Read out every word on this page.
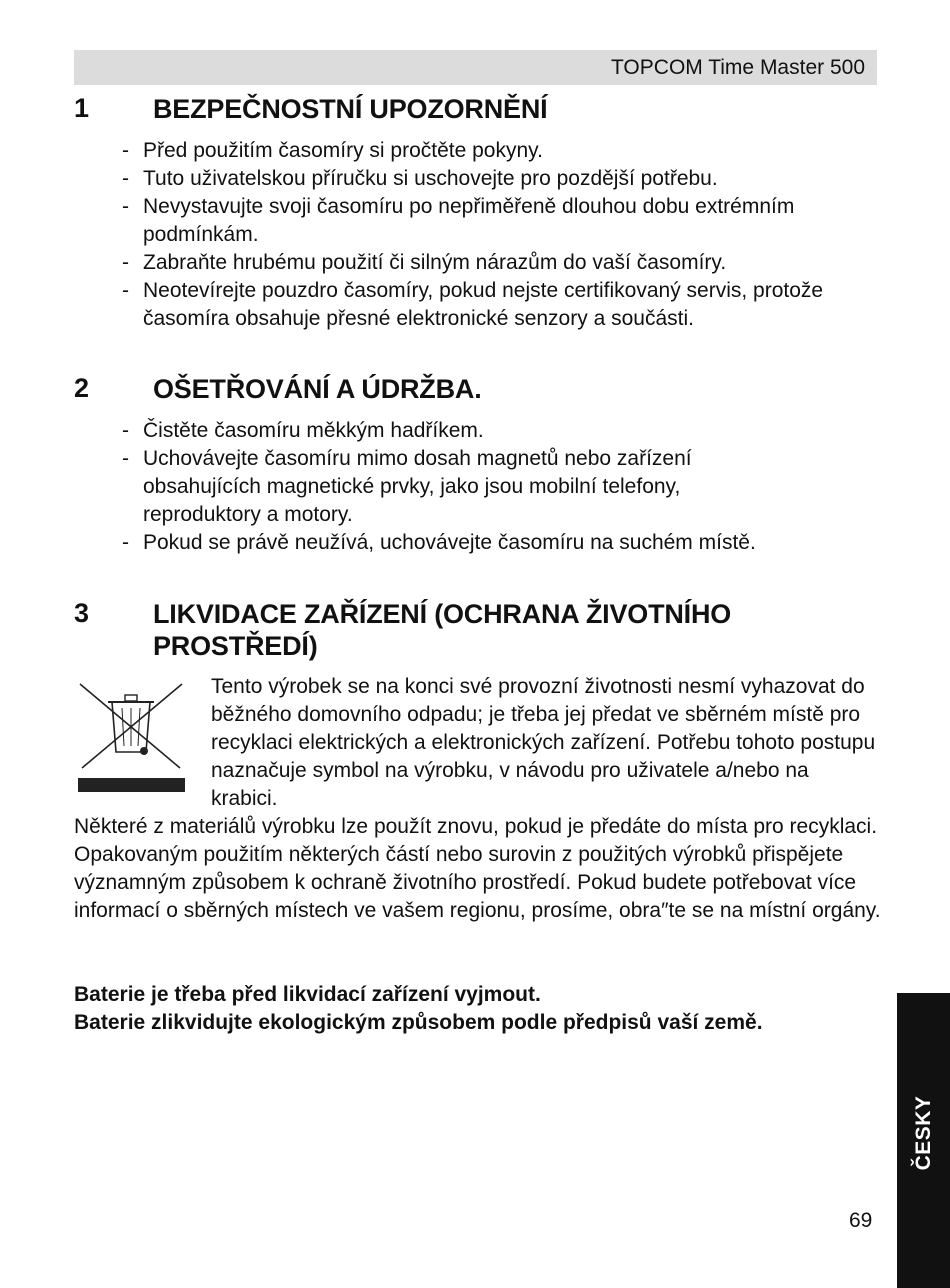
TOPCOM Time Master 500
1 BEZPEČNOSTNÍ UPOZORNĚNÍ
- Před použitím časomíry si pročtěte pokyny.
- Tuto uživatelskou příručku si uschovejte pro pozdější potřebu.
- Nevystavujte svoji časomíru po nepřiměřeně dlouhou dobu extrémním podmínkám.
- Zabraňte hrubému použití či silným nárazům do vaší časomíry.
- Neotevírejte pouzdro časomíry, pokud nejste certifikovaný servis, protože časomíra obsahuje přesné elektronické senzory a součásti.
2 OŠETŘOVÁNÍ A ÚDRŽBA.
- Čistěte časomíru měkkým hadříkem.
- Uchovávejte časomíru mimo dosah magnetů nebo zařízení obsahujících magnetické prvky, jako jsou mobilní telefony, reproduktory a motory.
- Pokud se právě neužívá, uchovávejte časomíru na suchém místě.
3 LIKVIDACE ZAŘÍZENÍ (OCHRANA ŽIVOTNÍHO
PROSTŘEDÍ)
Tento výrobek se na konci své provozní životnosti nesmí vyhazovat do běžného domovního odpadu; je třeba jej předat ve sběrném místě pro recyklaci elektrických a elektronických zařízení. Potřebu tohoto postupu naznačuje symbol na výrobku, v návodu pro uživatele a/nebo na krabici.
Některé z materiálů výrobku lze použít znovu, pokud je předáte do místa pro recyklaci. Opakovaným použitím některých částí nebo surovin z použitých výrobků přispějete významným způsobem k ochraně životního prostředí. Pokud budete potřebovat více informací o sběrných místech ve vašem regionu, prosíme, obra″te se na místní orgány.
Baterie je třeba před likvidací zařízení vyjmout.
Baterie zlikvidujte ekologickým způsobem podle předpisů vaší země.
ČESKY
69
